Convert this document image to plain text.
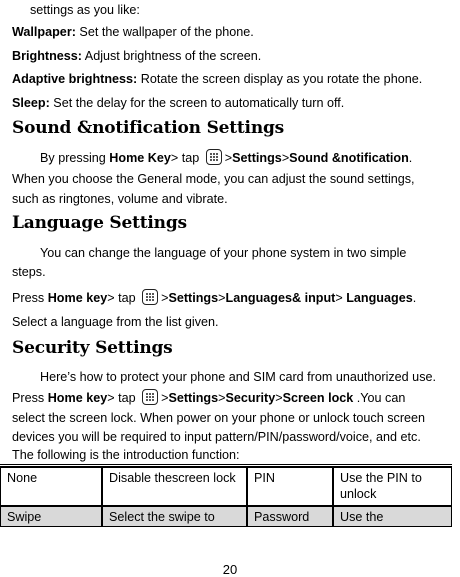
settings as you like:
Wallpaper: Set the wallpaper of the phone.
Brightness: Adjust brightness of the screen.
Adaptive brightness: Rotate the screen display as you rotate the phone.
Sleep: Set the delay for the screen to automatically turn off.
Sound &notification Settings
By pressing Home Key> tap
>Settings>Sound &notification.
When you choose the General mode, you can adjust the sound settings,
such as ringtones, volume and vibrate.
Language Settings
You can change the language of your phone system in two simple
steps.
Press Home key> tap
>Settings>Languages& input> Languages.
Select a language from the list given.
Security Settings
Here’s how to protect your phone and SIM card from unauthorized use.
Press Home key> tap
>Settings>Security>Screen lock .You can
select the screen lock. When power on your phone or unlock touch screen
devices you will be required to input pattern/PIN/password/voice, and etc.
The following is the introduction function:
None	Disable thescreen lock	PIN	Use the PIN to unlock
Swipe	Select the swipe to	Password	Use the
20
